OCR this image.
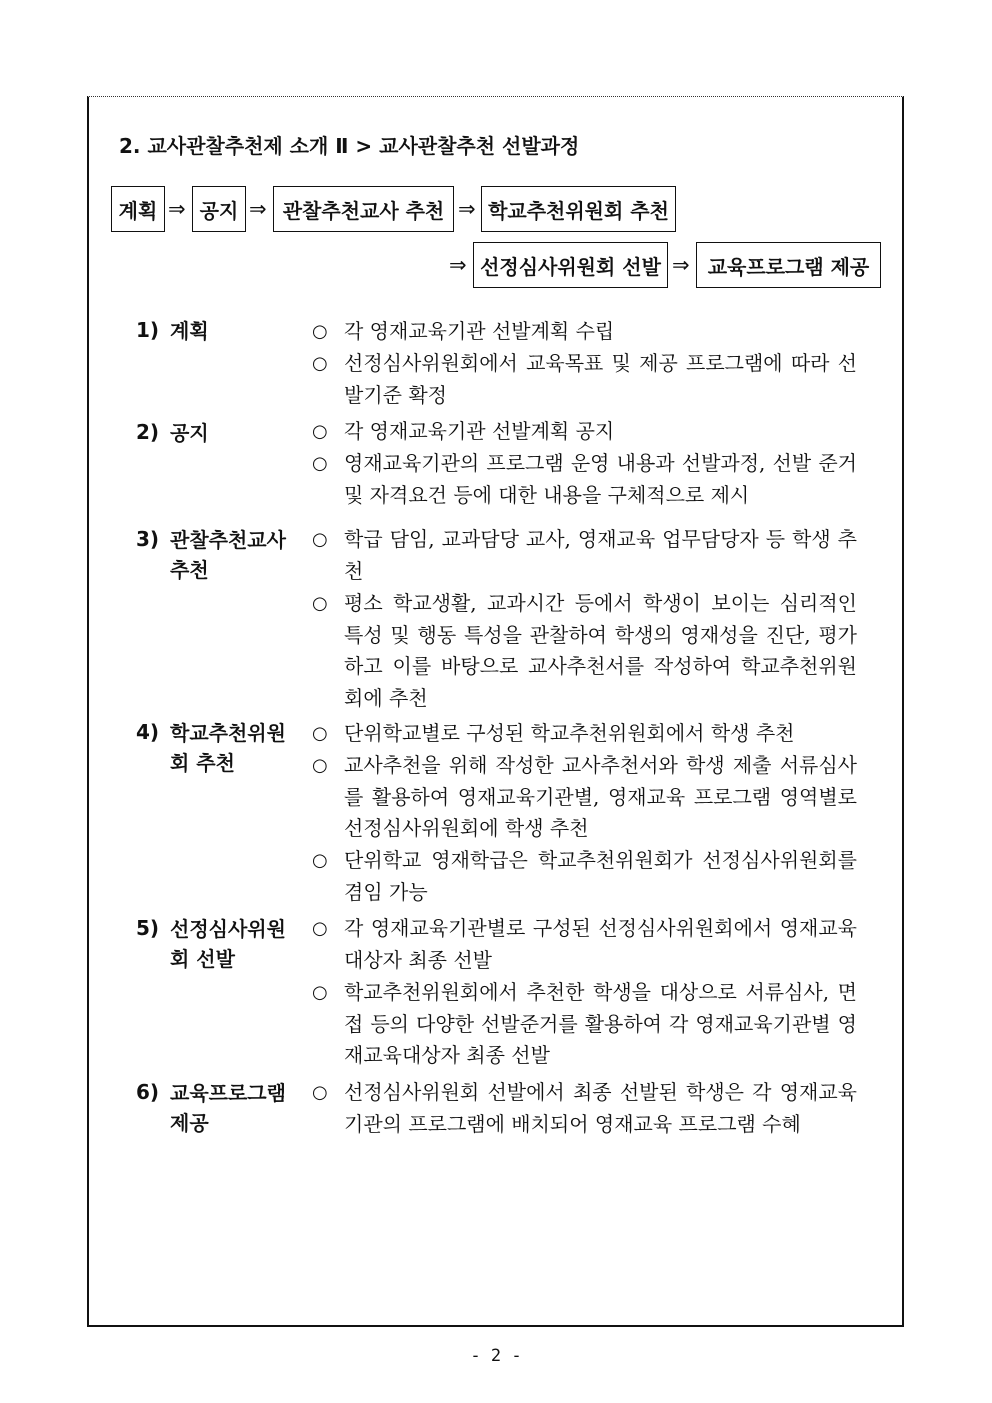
2. 교사관찰추천제 소개 Ⅱ > 교사관찰추천 선발과정
계획 ⇒ 공지 ⇒ 관찰추천교사 추천 ⇒ 학교추천위원회 추천
⇒ 선정심사위원회 선발 ⇒ 교육프로그램 제공
1) 계획	○ 각 영재교육기관 선발계획 수립
○ 선정심사위원회에서 교육목표 및 제공 프로그램에 따라 선발기준 확정
2) 공지	○ 각 영재교육기관 선발계획 공지
○ 영재교육기관의 프로그램 운영 내용과 선발과정, 선발 준거 및 자격요건 등에 대한 내용을 구체적으로 제시
3) 관찰추천교사 추천
○ 학급 담임, 교과담당 교사, 영재교육 업무담당자 등 학생 추천
○ 평소 학교생활, 교과시간 등에서 학생이 보이는 심리적인 특성 및 행동 특성을 관찰하여 학생의 영재성을 진단, 평가하고 이를 바탕으로 교사추천서를 작성하여 학교추천위원회에 추천
4) 학교추천위원회 추천
○ 단위학교별로 구성된 학교추천위원회에서 학생 추천
○ 교사추천을 위해 작성한 교사추천서와 학생 제출 서류심사를 활용하여 영재교육기관별, 영재교육 프로그램 영역별로 선정심사위원회에 학생 추천
○ 단위학교 영재학급은 학교추천위원회가 선정심사위원회를 겸임 가능
5) 선정심사위원회 선발
○ 각 영재교육기관별로 구성된 선정심사위원회에서 영재교육 대상자 최종 선발
○ 학교추천위원회에서 추천한 학생을 대상으로 서류심사, 면접 등의 다양한 선발준거를 활용하여 각 영재교육기관별 영재교육대상자 최종 선발
6) 교육프로그램 제공
○ 선정심사위원회 선발에서 최종 선발된 학생은 각 영재교육기관의 프로그램에 배치되어 영재교육 프로그램 수혜
- 2 -
